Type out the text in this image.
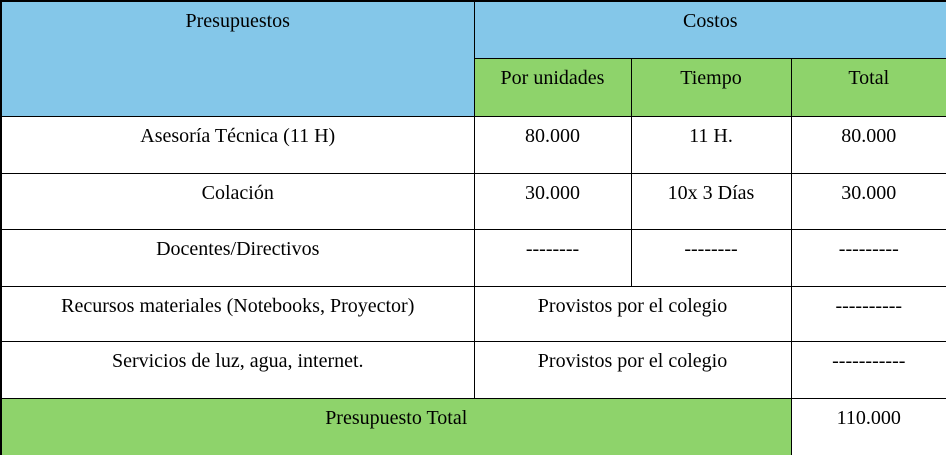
Presupuestos	Costos		
	Por unidades	Tiempo	Total
Asesoría Técnica (11 H)	80.000	11 H.	80.000
Colación	30.000	10x 3 Días	30.000
Docentes/Directivos	--------	--------	---------
Recursos materiales (Notebooks, Proyector)	Provistos por el colegio		----------
Servicios de luz, agua, internet.	Provistos por el colegio		-----------
Presupuesto Total			110.000
